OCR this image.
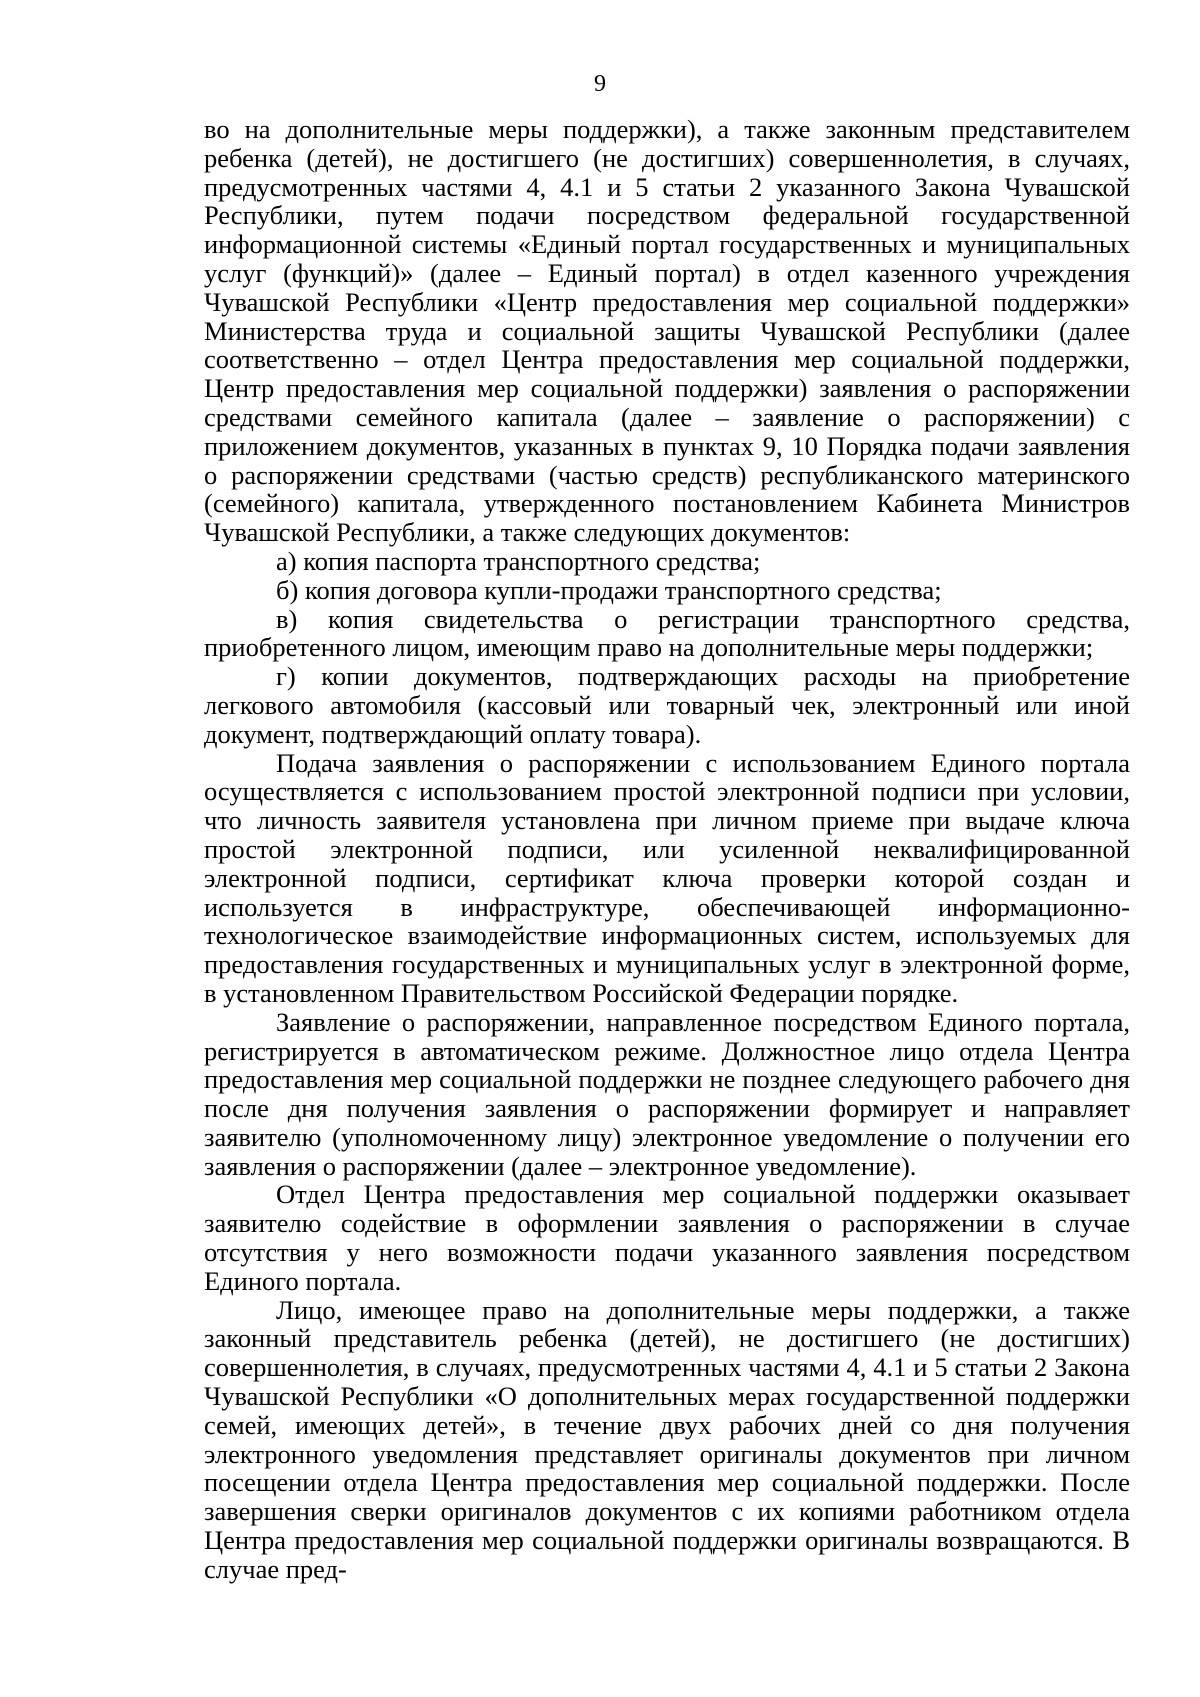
9

во на дополнительные меры поддержки), а также законным представителем ребенка (детей), не достигшего (не достигших) совершеннолетия, в случаях, предусмотренных частями 4, 4.1 и 5 статьи 2 указанного Закона Чувашской Республики, путем подачи посредством федеральной государственной информационной системы «Единый портал государственных и муниципальных услуг (функций)» (далее – Единый портал) в отдел казенного учреждения Чувашской Республики «Центр предоставления мер социальной поддержки» Министерства труда и социальной защиты Чувашской Республики (далее соответственно – отдел Центра предоставления мер социальной поддержки, Центр предоставления мер социальной поддержки) заявления о распоряжении средствами семейного капитала (далее – заявление о распоряжении) с приложением документов, указанных в пунктах 9, 10 Порядка подачи заявления о распоряжении средствами (частью средств) республиканского материнского (семейного) капитала, утвержденного постановлением Кабинета Министров Чувашской Республики, а также следующих документов:

а) копия паспорта транспортного средства;

б) копия договора купли-продажи транспортного средства;

в) копия свидетельства о регистрации транспортного средства, приобретенного лицом, имеющим право на дополнительные меры поддержки;

г) копии документов, подтверждающих расходы на приобретение легкового автомобиля (кассовый или товарный чек, электронный или иной документ, подтверждающий оплату товара).

Подача заявления о распоряжении с использованием Единого портала осуществляется с использованием простой электронной подписи при условии, что личность заявителя установлена при личном приеме при выдаче ключа простой электронной подписи, или усиленной неквалифицированной электронной подписи, сертификат ключа проверки которой создан и используется в инфраструктуре, обеспечивающей информационно-технологическое взаимодействие информационных систем, используемых для предоставления государственных и муниципальных услуг в электронной форме, в установленном Правительством Российской Федерации порядке.

Заявление о распоряжении, направленное посредством Единого портала, регистрируется в автоматическом режиме. Должностное лицо отдела Центра предоставления мер социальной поддержки не позднее следующего рабочего дня после дня получения заявления о распоряжении формирует и направляет заявителю (уполномоченному лицу) электронное уведомление о получении его заявления о распоряжении (далее – электронное уведомление).

Отдел Центра предоставления мер социальной поддержки оказывает заявителю содействие в оформлении заявления о распоряжении в случае отсутствия у него возможности подачи указанного заявления посредством Единого портала.

Лицо, имеющее право на дополнительные меры поддержки, а также законный представитель ребенка (детей), не достигшего (не достигших) совершеннолетия, в случаях, предусмотренных частями 4, 4.1 и 5 статьи 2 Закона Чувашской Республики «О дополнительных мерах государственной поддержки семей, имеющих детей», в течение двух рабочих дней со дня получения электронного уведомления представляет оригиналы документов при личном посещении отдела Центра предоставления мер социальной поддержки. После завершения сверки оригиналов документов с их копиями работником отдела Центра предоставления мер социальной поддержки оригиналы возвращаются. В случае пред-
